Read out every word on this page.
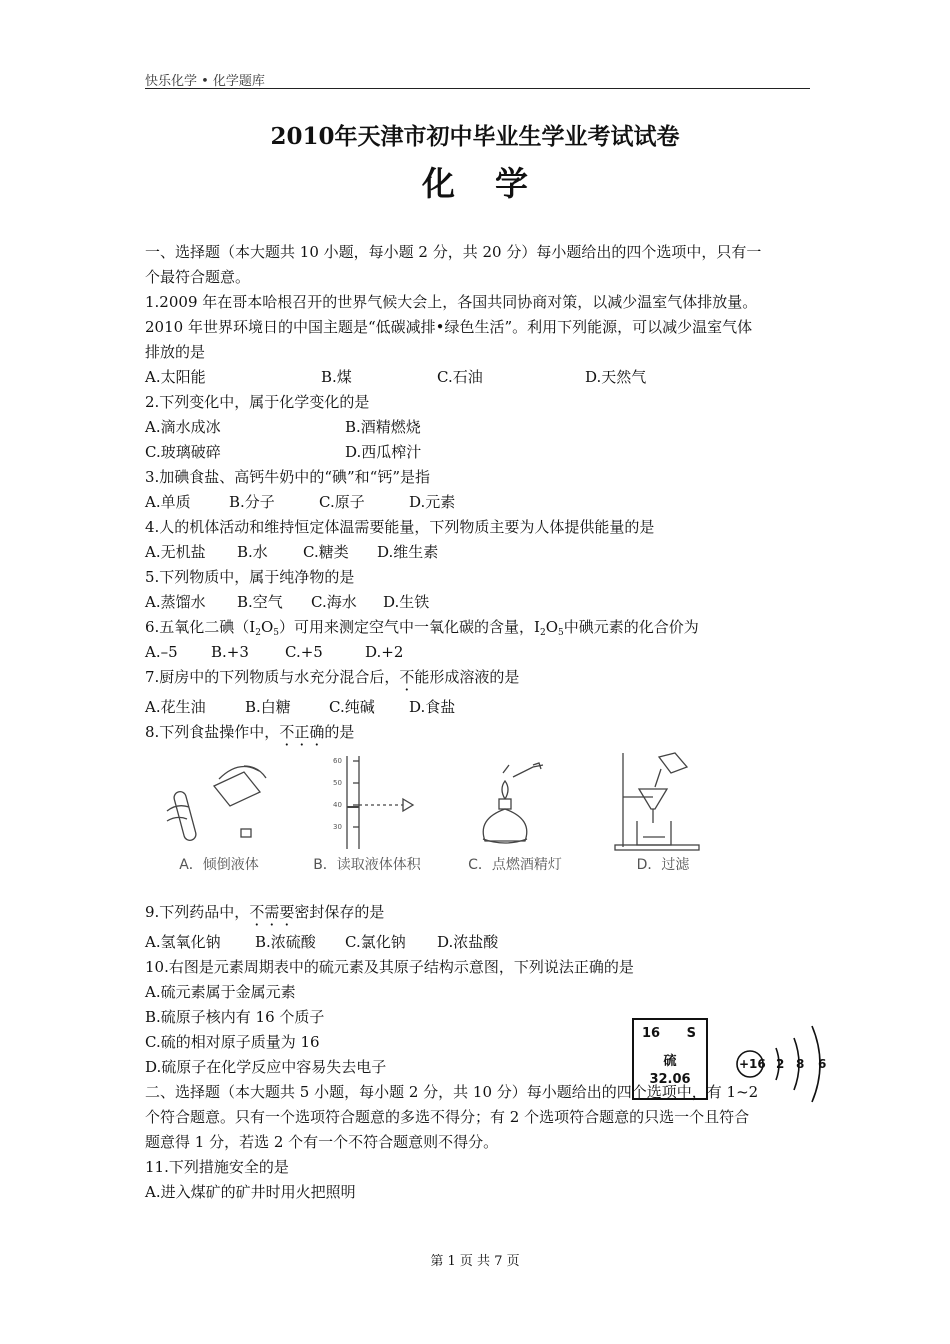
快乐化学 • 化学题库
2010年天津市初中毕业生学业考试试卷
化学
一、选择题（本大题共 10 小题，每小题 2 分，共 20 分）每小题给出的四个选项中，只有一
个最符合题意。
1.2009 年在哥本哈根召开的世界气候大会上，各国共同协商对策，以减少温室气体排放量。
2010 年世界环境日的中国主题是“低碳减排•绿色生活”。利用下列能源，可以减少温室气体
排放的是
A.太阳能	B.煤	C.石油	D.天然气
2.下列变化中，属于化学变化的是
A.滴水成冰	B.酒精燃烧
C.玻璃破碎	D.西瓜榨汁
3.加碘食盐、高钙牛奶中的“碘”和“钙”是指
A.单质	B.分子	C.原子	D.元素
4.人的机体活动和维持恒定体温需要能量，下列物质主要为人体提供能量的是
A.无机盐	B.水	C.糖类	D.维生素
5.下列物质中，属于纯净物的是
A.蒸馏水	B.空气	C.海水	D.生铁
6.五氧化二碘$(I_2O_5)$可用来测定空气中一氧化碳的含量，$I_2O_5$中碘元素的化合价为
A.–5	B.+3	C.+5	D.+2
7.厨房中的下列物质与水充分混合后，不能形成溶液的是
A.花生油	B.白糖	C.纯碱	D.食盐
8.下列食盐操作中，不正确的是
A．倾倒液体
60
50
40
30
B．读取液体体积	C．点燃酒精灯	D．过滤
9.下列药品中，不需要密封保存的是
A.氢氧化钠	B.浓硫酸	C.氯化钠	D.浓盐酸
10.右图是元素周期表中的硫元素及其原子结构示意图，下列说法正确的是
A.硫元素属于金属元素
B.硫原子核内有 16 个质子
C.硫的相对原子质量为 16
D.硫原子在化学反应中容易失去电子
二、选择题（本大题共 5 小题，每小题 2 分，共 10 分）每小题给出的四个选项中，有 1~2
个符合题意。只有一个选项符合题意的多选不得分；有 2 个选项符合题意的只选一个且符合
题意得 1 分，若选 2 个有一个不符合题意则不得分。
11.下列措施安全的是
A.进入煤矿的矿井时用火把照明
16 S
硫
32.06
+16 2 8 6
第 1 页 共 7 页
